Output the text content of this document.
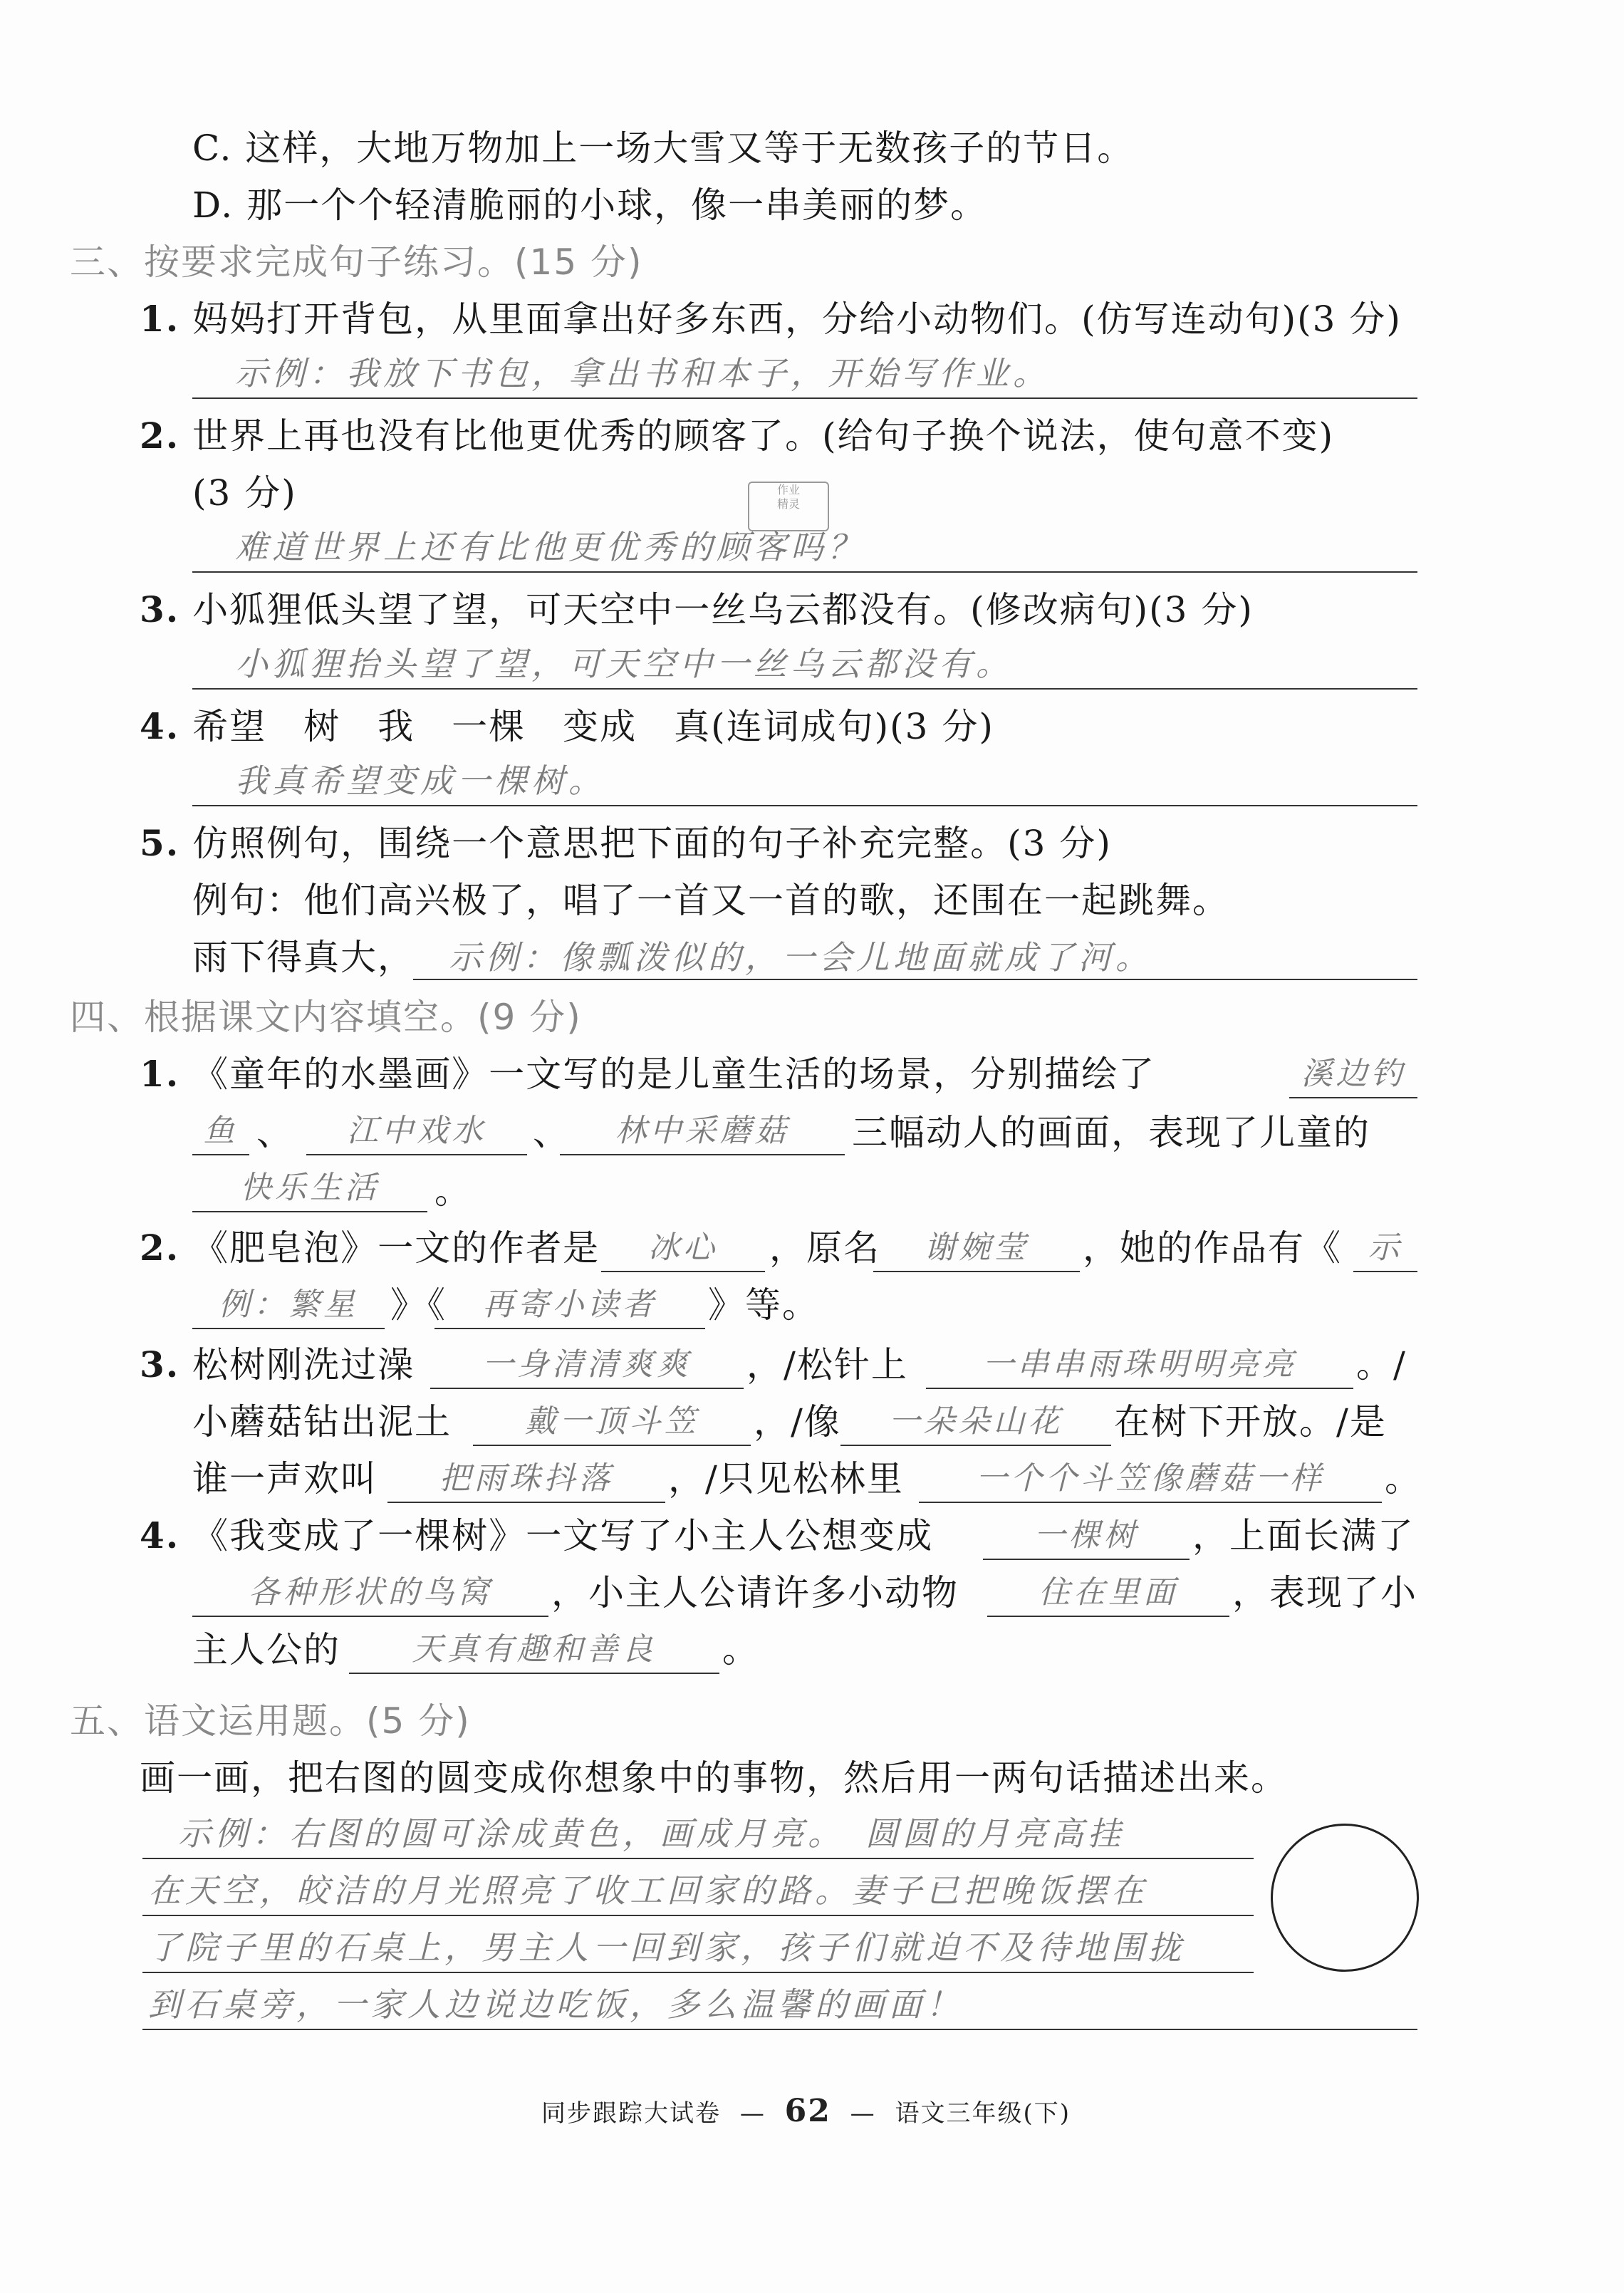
C. 这样，大地万物加上一场大雪又等于无数孩子的节日。
D. 那一个个轻清脆丽的小球，像一串美丽的梦。
三、按要求完成句子练习。(15 分)
1. 妈妈打开背包，从里面拿出好多东西，分给小动物们。(仿写连动句)(3 分)
示例：我放下书包，拿出书和本子，开始写作业。
2. 世界上再也没有比他更优秀的顾客了。(给句子换个说法，使句意不变)
(3 分)	作业
精灵
难道世界上还有比他更优秀的顾客吗？
3. 小狐狸低头望了望，可天空中一丝乌云都没有。(修改病句)(3 分)
小狐狸抬头望了望，可天空中一丝乌云都没有。
4. 希望　树　我　一棵　变成　真(连词成句)(3 分)
我真希望变成一棵树。
5. 仿照例句，围绕一个意思把下面的句子补充完整。(3 分)
例句：他们高兴极了，唱了一首又一首的歌，还围在一起跳舞。
雨下得真大， 示例：像瓢泼似的，一会儿地面就成了河。
四、根据课文内容填空。(9 分)
1. 《童年的水墨画》一文写的是儿童生活的场景，分别描绘了	溪边钓
鱼 、	江中戏水	、	林中采蘑菇	三幅动人的画面，表现了儿童的
快乐生活	。
2. 《肥皂泡》一文的作者是	冰心	，原名	谢婉莹	，她的作品有《 示
例：繁星 》《	再寄小读者	》等。
3. 松树刚洗过澡	一身清清爽爽	，/松针上	一串串雨珠明明亮亮	。/
小蘑菇钻出泥土	戴一顶斗笠	，/像	一朵朵山花	在树下开放。/是
谁一声欢叫	把雨珠抖落	，/只见松林里	一个个斗笠像蘑菇一样	。
4. 《我变成了一棵树》一文写了小主人公想变成	一棵树	，上面长满了
各种形状的鸟窝	，小主人公请许多小动物	住在里面	，表现了小
主人公的	天真有趣和善良	。
五、语文运用题。(5 分)
画一画，把右图的圆变成你想象中的事物，然后用一两句话描述出来。
示例：右图的圆可涂成黄色，画成月亮。　圆圆的月亮高挂
在天空，皎洁的月光照亮了收工回家的路。妻子已把晚饭摆在
了院子里的石桌上，男主人一回到家，孩子们就迫不及待地围拢
到石桌旁，一家人边说边吃饭，多么温馨的画面！
同步跟踪大试卷 — 62 — 语文三年级(下)
